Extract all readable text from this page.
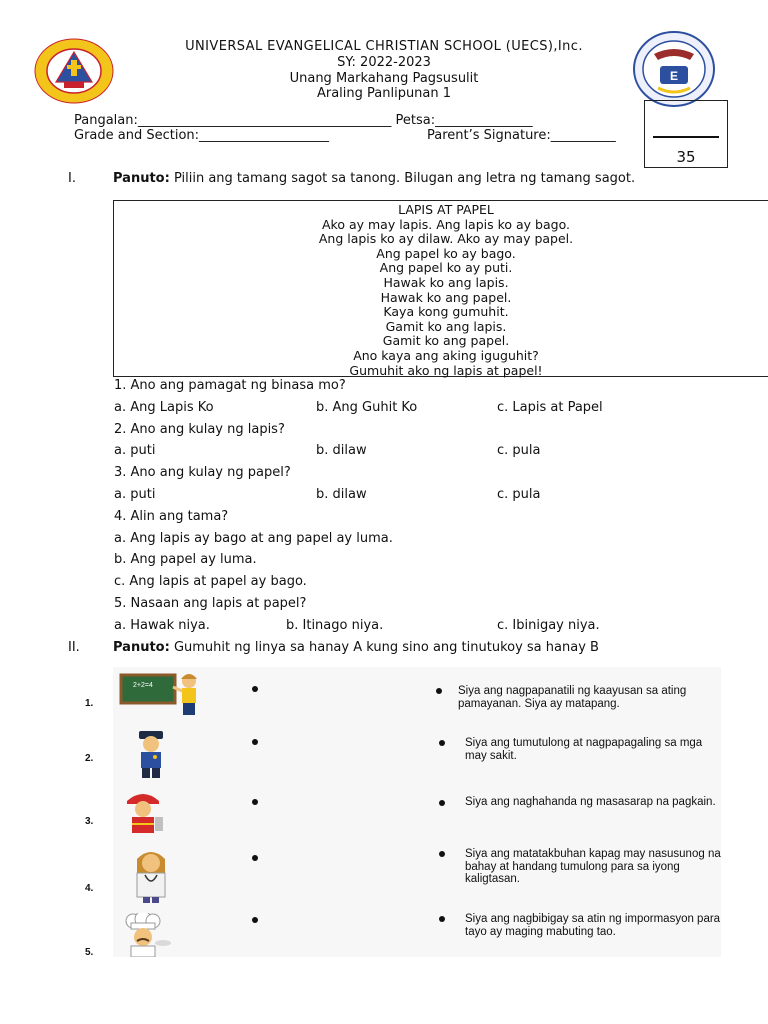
E
UNIVERSAL EVANGELICAL CHRISTIAN SCHOOL (UECS),Inc.
SY: 2022-2023
Unang Markahang Pagsusulit
Araling Panlipunan 1
Pangalan:_______________________________________ Petsa:_______________
Grade and Section:____________________	Parent’s Signature:__________
35
I.	Panuto: Piliin ang tamang sagot sa tanong. Bilugan ang letra ng tamang sagot.
LAPIS AT PAPEL
Ako ay may lapis. Ang lapis ko ay bago.
Ang lapis ko ay dilaw. Ako ay may papel.
Ang papel ko ay bago.
Ang papel ko ay puti.
Hawak ko ang lapis.
Hawak ko ang papel.
Kaya kong gumuhit.
Gamit ko ang lapis.
Gamit ko ang papel.
Ano kaya ang aking iguguhit?
Gumuhit ako ng lapis at papel!
1. Ano ang pamagat ng binasa mo?
a. Ang Lapis Ko	b. Ang Guhit Ko	c. Lapis at Papel
2. Ano ang kulay ng lapis?
a. puti	b. dilaw	c. pula
3. Ano ang kulay ng papel?
a. puti	b. dilaw	c. pula
4. Alin ang tama?
a. Ang lapis ay bago at ang papel ay luma.
b. Ang papel ay luma.
c. Ang lapis at papel ay bago.
5. Nasaan ang lapis at papel?
a. Hawak niya.	b. Itinago niya.	c. Ibinigay niya.
II.	Panuto: Gumuhit ng linya sa hanay A kung sino ang tinutukoy sa hanay B
1.
2+2=4	Siya ang nagpapanatili ng kaayusan sa ating pamayanan. Siya ay matapang.
2.
Siya ang tumutulong at nagpapagaling sa mga may sakit.
3.
Siya ang naghahanda ng masasarap na pagkain.
4.
Siya ang matatakbuhan kapag may nasusunog na bahay at handang tumulong para sa iyong kaligtasan.
5.
Siya ang nagbibigay sa atin ng impormasyon para tayo ay maging mabuting tao.
